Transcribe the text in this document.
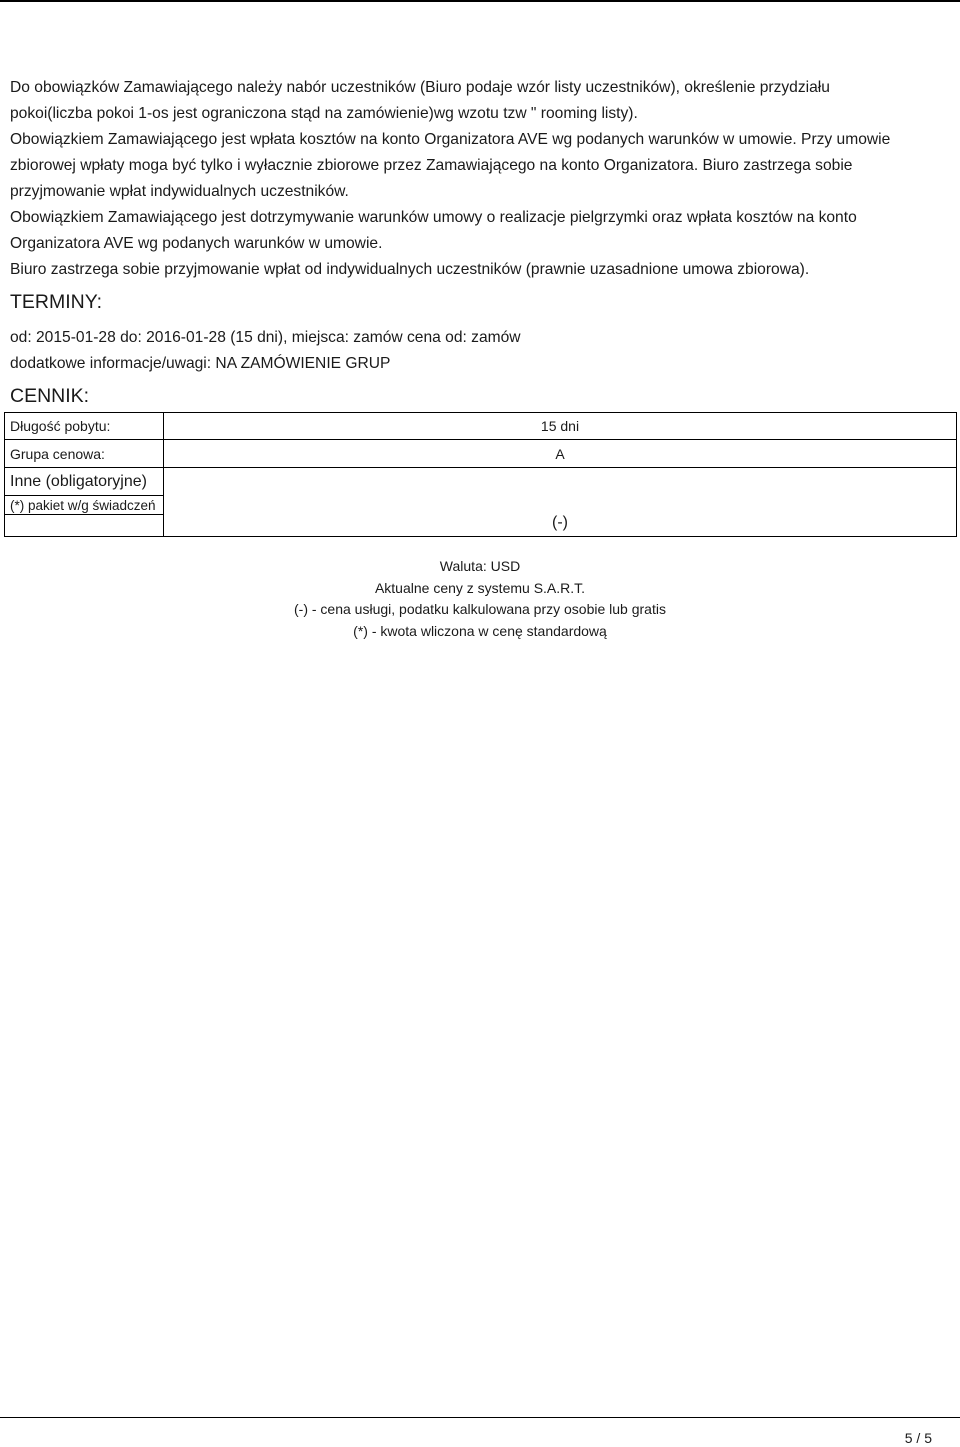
Do obowiązków Zamawiającego należy nabór uczestników (Biuro podaje wzór listy uczestników), określenie przydziału

pokoi(liczba pokoi 1-os jest ograniczona stąd na zamówienie)wg wzotu tzw " rooming listy).

Obowiązkiem Zamawiającego jest wpłata kosztów na konto Organizatora AVE wg podanych warunków w umowie. Przy umowie

zbiorowej wpłaty moga być tylko i wyłacznie zbiorowe przez Zamawiającego na konto Organizatora. Biuro zastrzega sobie

przyjmowanie wpłat indywidualnych uczestników.

Obowiązkiem Zamawiającego jest dotrzymywanie warunków umowy o realizacje pielgrzymki oraz wpłata kosztów na konto

Organizatora AVE wg podanych warunków w umowie.

Biuro zastrzega sobie przyjmowanie wpłat od indywidualnych uczestników (prawnie uzasadnione umowa zbiorowa).

TERMINY:

od: 2015-01-28 do: 2016-01-28 (15 dni), miejsca: zamów cena od: zamów

dodatkowe informacje/uwagi: NA ZAMÓWIENIE GRUP

CENNIK:
Długość pobytu:	15 dni
Grupa cenowa:	A
Inne (obligatoryjne)	(-)
(*) pakiet w/g świadczeń	

Waluta: USD

Aktualne ceny z systemu S.A.R.T.

(-) - cena usługi, podatku kalkulowana przy osobie lub gratis

(*) - kwota wliczona w cenę standardową

5 / 5
